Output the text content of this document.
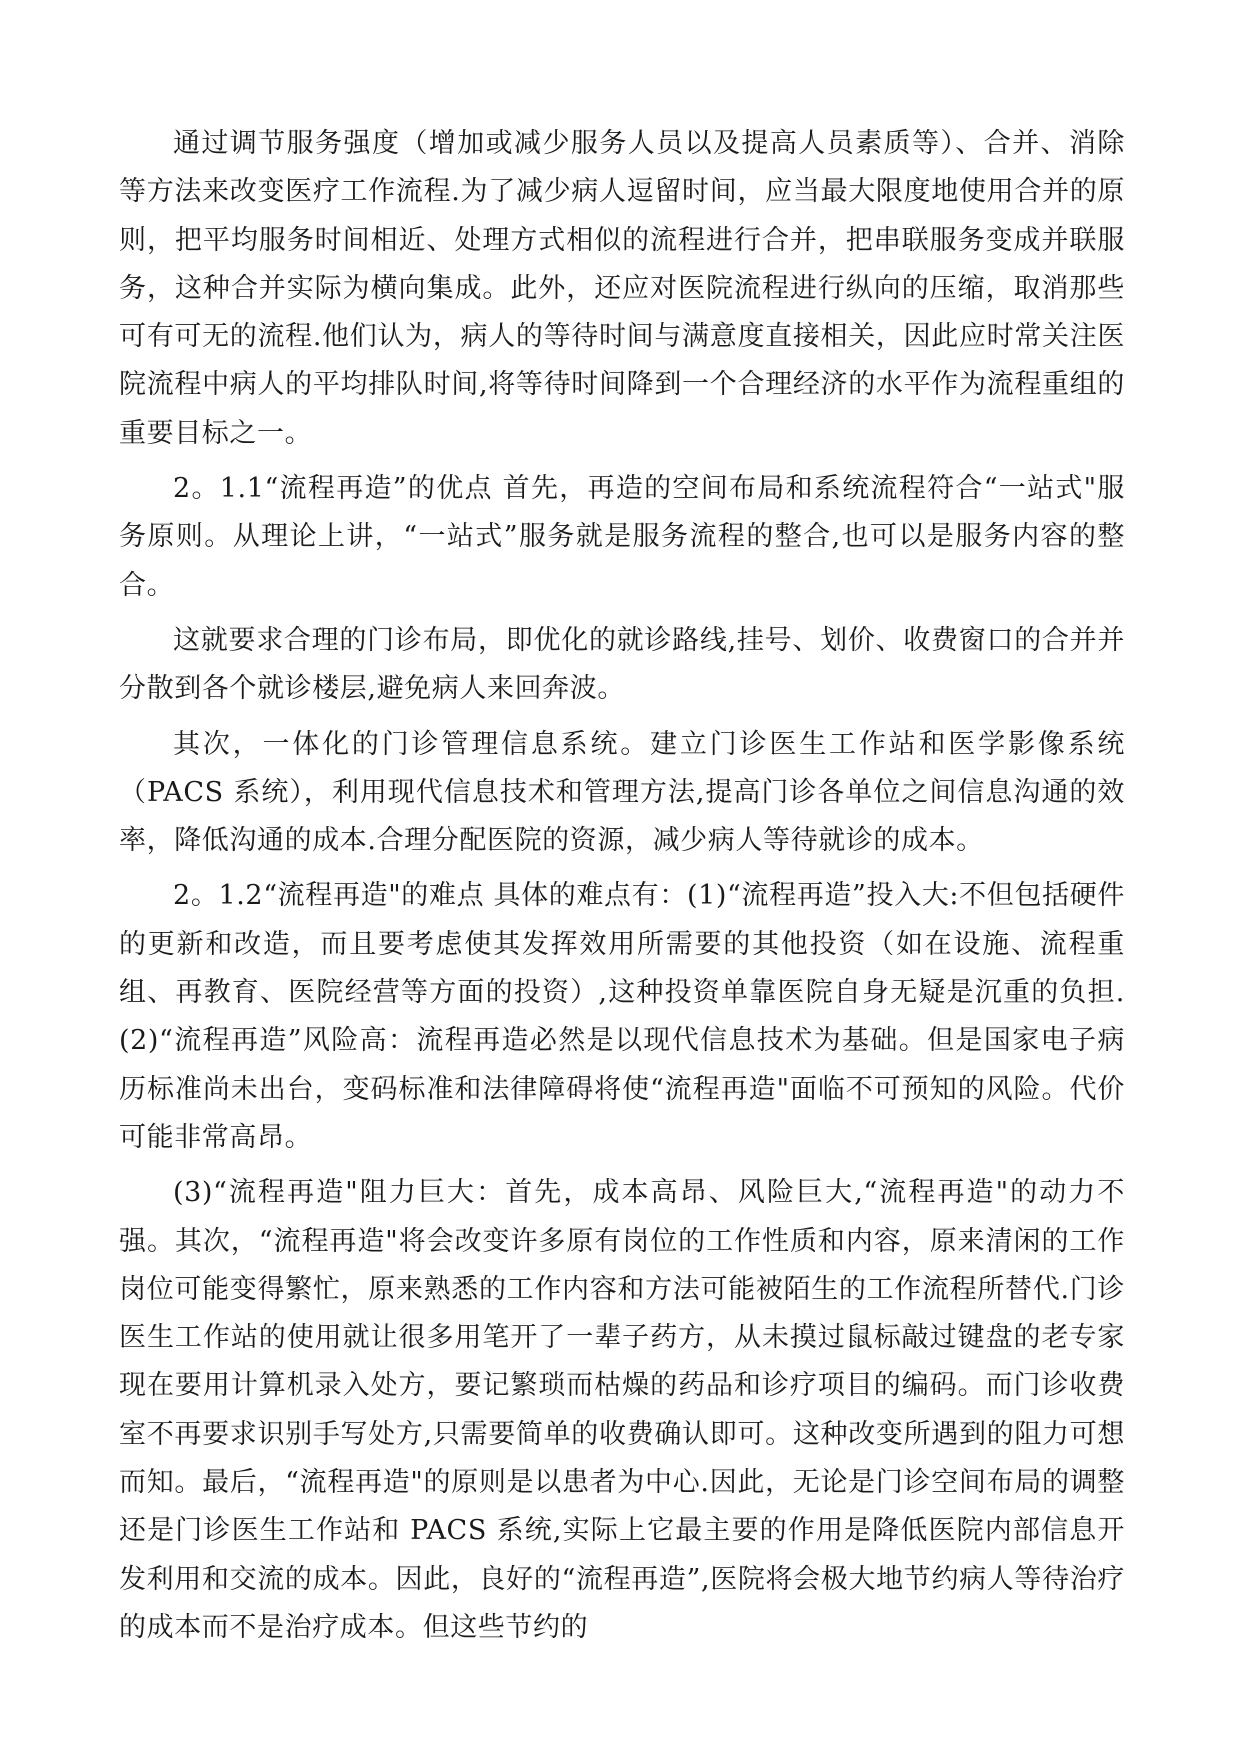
通过调节服务强度（增加或减少服务人员以及提高人员素质等）、合并、消除等方法来改变医疗工作流程.为了减少病人逗留时间，应当最大限度地使用合并的原则，把平均服务时间相近、处理方式相似的流程进行合并，把串联服务变成并联服务，这种合并实际为横向集成。此外，还应对医院流程进行纵向的压缩，取消那些可有可无的流程.他们认为，病人的等待时间与满意度直接相关，因此应时常关注医院流程中病人的平均排队时间,将等待时间降到一个合理经济的水平作为流程重组的重要目标之一。

2。1.1“流程再造”的优点 首先，再造的空间布局和系统流程符合“一站式"服务原则。从理论上讲，“一站式”服务就是服务流程的整合,也可以是服务内容的整合。

这就要求合理的门诊布局，即优化的就诊路线,挂号、划价、收费窗口的合并并分散到各个就诊楼层,避免病人来回奔波。

其次，一体化的门诊管理信息系统。建立门诊医生工作站和医学影像系统（PACS 系统），利用现代信息技术和管理方法,提高门诊各单位之间信息沟通的效率，降低沟通的成本.合理分配医院的资源，减少病人等待就诊的成本。

2。1.2“流程再造"的难点 具体的难点有：(1)“流程再造”投入大:不但包括硬件的更新和改造，而且要考虑使其发挥效用所需要的其他投资（如在设施、流程重组、再教育、医院经营等方面的投资）,这种投资单靠医院自身无疑是沉重的负担.(2)“流程再造”风险高：流程再造必然是以现代信息技术为基础。但是国家电子病历标准尚未出台，变码标准和法律障碍将使“流程再造"面临不可预知的风险。代价可能非常高昂。

(3)“流程再造"阻力巨大：首先，成本高昂、风险巨大,“流程再造"的动力不强。其次，“流程再造"将会改变许多原有岗位的工作性质和内容，原来清闲的工作岗位可能变得繁忙，原来熟悉的工作内容和方法可能被陌生的工作流程所替代.门诊医生工作站的使用就让很多用笔开了一辈子药方，从未摸过鼠标敲过键盘的老专家现在要用计算机录入处方，要记繁琐而枯燥的药品和诊疗项目的编码。而门诊收费室不再要求识别手写处方,只需要简单的收费确认即可。这种改变所遇到的阻力可想而知。最后，“流程再造"的原则是以患者为中心.因此，无论是门诊空间布局的调整还是门诊医生工作站和 PACS 系统,实际上它最主要的作用是降低医院内部信息开发利用和交流的成本。因此，良好的“流程再造”,医院将会极大地节约病人等待治疗的成本而不是治疗成本。但这些节约的
